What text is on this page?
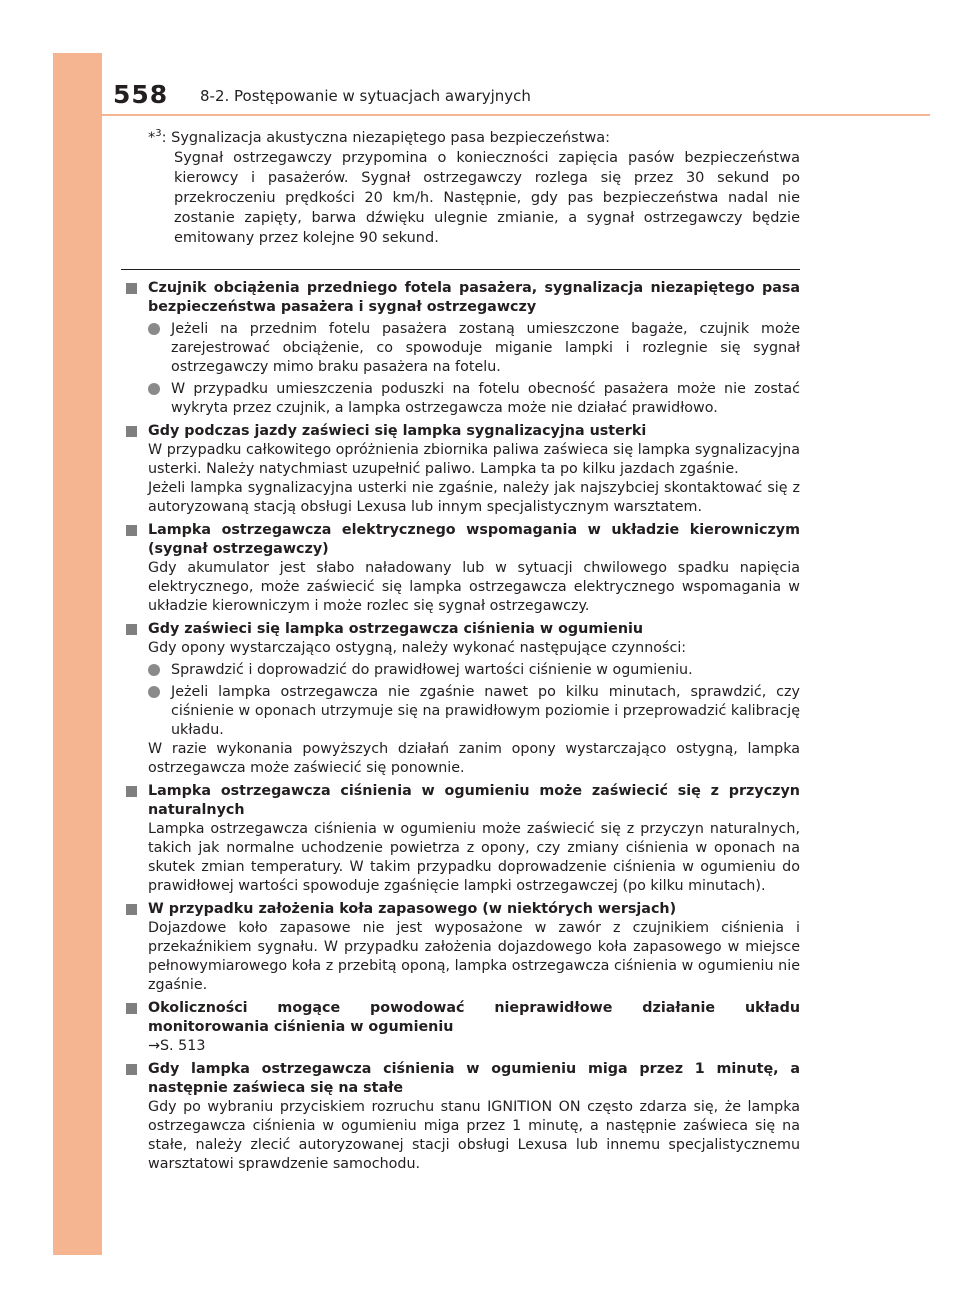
558 8-2. Postępowanie w sytuacjach awaryjnych
*$^3$: Sygnalizacja akustyczna niezapiętego pasa bezpieczeństwa:
Sygnał ostrzegawczy przypomina o konieczności zapięcia pasów bezpieczeństwa kierowcy i pasażerów. Sygnał ostrzegawczy rozlega się przez 30 sekund po przekroczeniu prędkości 20 km/h. Następnie, gdy pas bezpieczeństwa nadal nie zostanie zapięty, barwa dźwięku ulegnie zmianie, a sygnał ostrzegawczy będzie emitowany przez kolejne 90 sekund.
Czujnik obciążenia przedniego fotela pasażera, sygnalizacja niezapiętego pasa bezpieczeństwa pasażera i sygnał ostrzegawczy
Jeżeli na przednim fotelu pasażera zostaną umieszczone bagaże, czujnik może zarejestrować obciążenie, co spowoduje miganie lampki i rozlegnie się sygnał ostrzegawczy mimo braku pasażera na fotelu.
W przypadku umieszczenia poduszki na fotelu obecność pasażera może nie zostać wykryta przez czujnik, a lampka ostrzegawcza może nie działać prawidłowo.
Gdy podczas jazdy zaświeci się lampka sygnalizacyjna usterki
W przypadku całkowitego opróżnienia zbiornika paliwa zaświeca się lampka sygnalizacyjna usterki. Należy natychmiast uzupełnić paliwo. Lampka ta po kilku jazdach zgaśnie.
Jeżeli lampka sygnalizacyjna usterki nie zgaśnie, należy jak najszybciej skontaktować się z autoryzowaną stacją obsługi Lexusa lub innym specjalistycznym warsztatem.
Lampka ostrzegawcza elektrycznego wspomagania w układzie kierowniczym (sygnał ostrzegawczy)
Gdy akumulator jest słabo naładowany lub w sytuacji chwilowego spadku napięcia elektrycznego, może zaświecić się lampka ostrzegawcza elektrycznego wspomagania w układzie kierowniczym i może rozlec się sygnał ostrzegawczy.
Gdy zaświeci się lampka ostrzegawcza ciśnienia w ogumieniu
Gdy opony wystarczająco ostygną, należy wykonać następujące czynności:
Sprawdzić i doprowadzić do prawidłowej wartości ciśnienie w ogumieniu.
Jeżeli lampka ostrzegawcza nie zgaśnie nawet po kilku minutach, sprawdzić, czy ciśnienie w oponach utrzymuje się na prawidłowym poziomie i przeprowadzić kalibrację układu.
W razie wykonania powyższych działań zanim opony wystarczająco ostygną, lampka ostrzegawcza może zaświecić się ponownie.
Lampka ostrzegawcza ciśnienia w ogumieniu może zaświecić się z przyczyn naturalnych
Lampka ostrzegawcza ciśnienia w ogumieniu może zaświecić się z przyczyn naturalnych, takich jak normalne uchodzenie powietrza z opony, czy zmiany ciśnienia w oponach na skutek zmian temperatury. W takim przypadku doprowadzenie ciśnienia w ogumieniu do prawidłowej wartości spowoduje zgaśnięcie lampki ostrzegawczej (po kilku minutach).
W przypadku założenia koła zapasowego (w niektórych wersjach)
Dojazdowe koło zapasowe nie jest wyposażone w zawór z czujnikiem ciśnienia i przekaźnikiem sygnału. W przypadku założenia dojazdowego koła zapasowego w miejsce pełnowymiarowego koła z przebitą oponą, lampka ostrzegawcza ciśnienia w ogumieniu nie zgaśnie.
Okoliczności mogące powodować nieprawidłowe działanie układu monitorowania ciśnienia w ogumieniu
→S. 513
Gdy lampka ostrzegawcza ciśnienia w ogumieniu miga przez 1 minutę, a następnie zaświeca się na stałe
Gdy po wybraniu przyciskiem rozruchu stanu IGNITION ON często zdarza się, że lampka ostrzegawcza ciśnienia w ogumieniu miga przez 1 minutę, a następnie zaświeca się na stałe, należy zlecić autoryzowanej stacji obsługi Lexusa lub innemu specjalistycznemu warsztatowi sprawdzenie samochodu.
